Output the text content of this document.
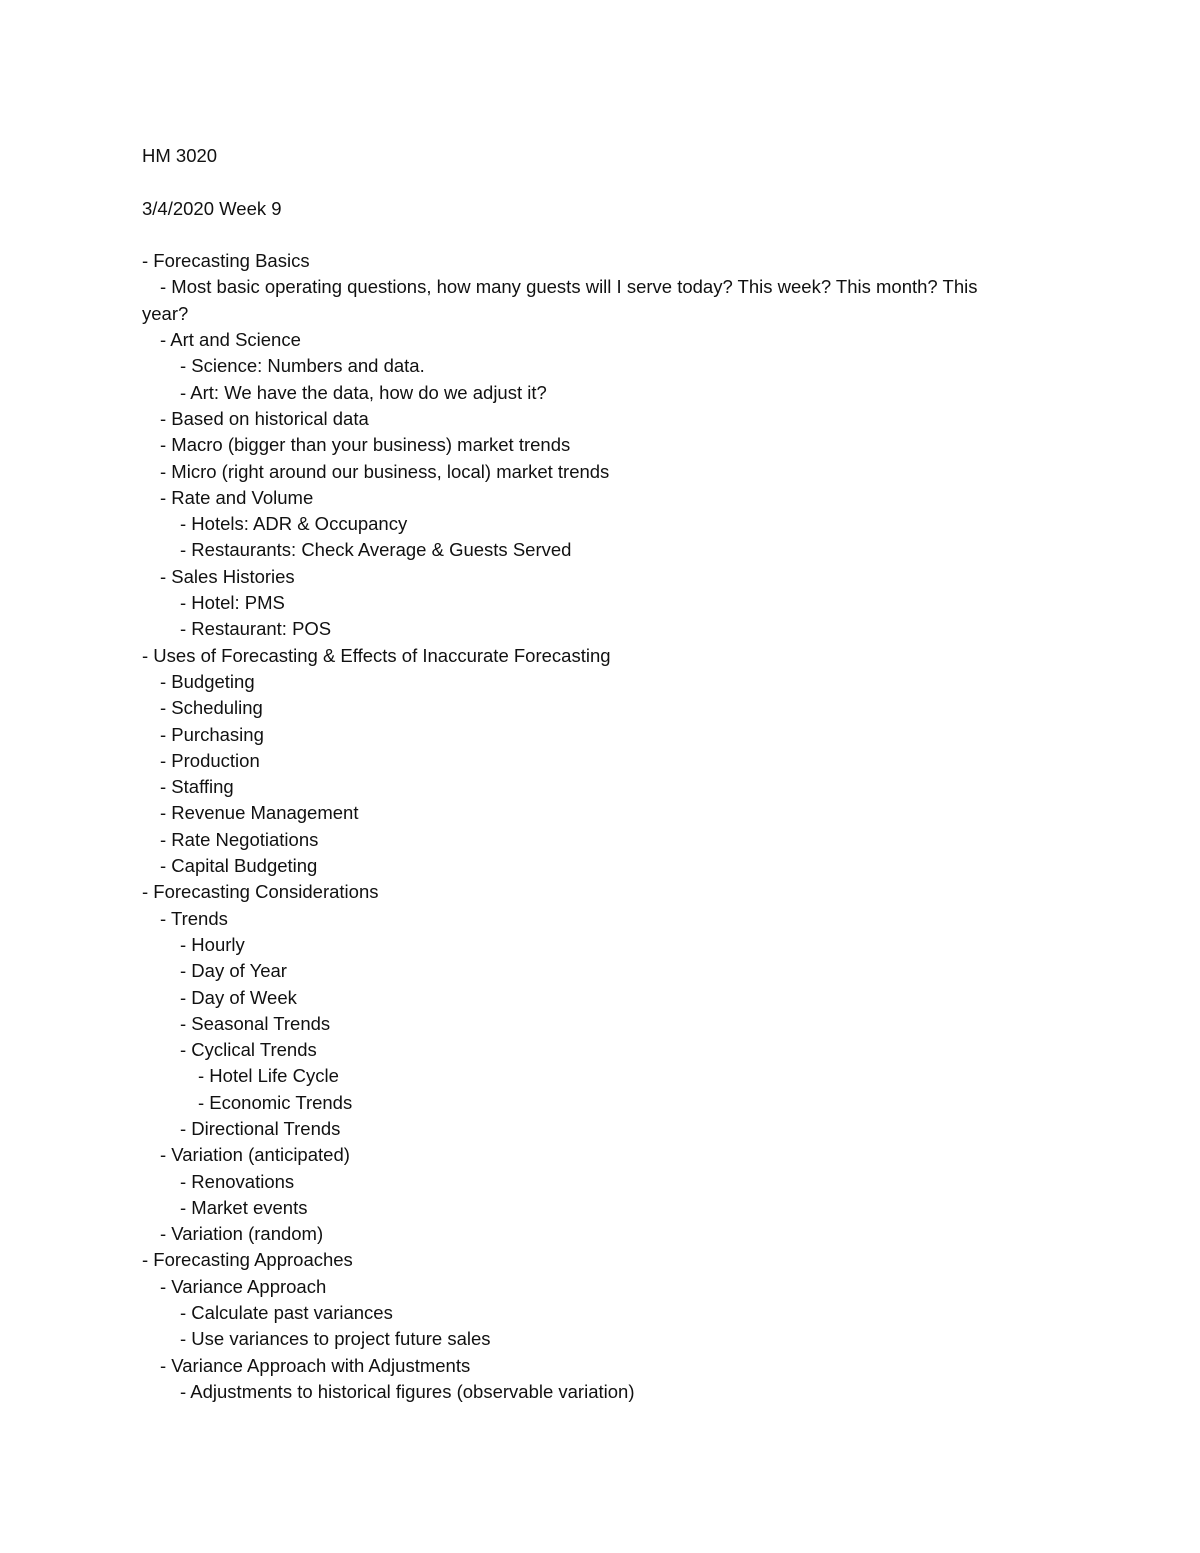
HM 3020
3/4/2020 Week 9
- Forecasting Basics
- Most basic operating questions, how many guests will I serve today? This week? This month? This year?
- Art and Science
- Science: Numbers and data.
- Art: We have the data, how do we adjust it?
- Based on historical data
- Macro (bigger than your business) market trends
- Micro (right around our business, local) market trends
- Rate and Volume
- Hotels: ADR & Occupancy
- Restaurants: Check Average & Guests Served
- Sales Histories
- Hotel: PMS
- Restaurant: POS
- Uses of Forecasting & Effects of Inaccurate Forecasting
- Budgeting
- Scheduling
- Purchasing
- Production
- Staffing
- Revenue Management
- Rate Negotiations
- Capital Budgeting
- Forecasting Considerations
- Trends
- Hourly
- Day of Year
- Day of Week
- Seasonal Trends
- Cyclical Trends
- Hotel Life Cycle
- Economic Trends
- Directional Trends
- Variation (anticipated)
- Renovations
- Market events
- Variation (random)
- Forecasting Approaches
- Variance Approach
- Calculate past variances
- Use variances to project future sales
- Variance Approach with Adjustments
- Adjustments to historical figures (observable variation)
